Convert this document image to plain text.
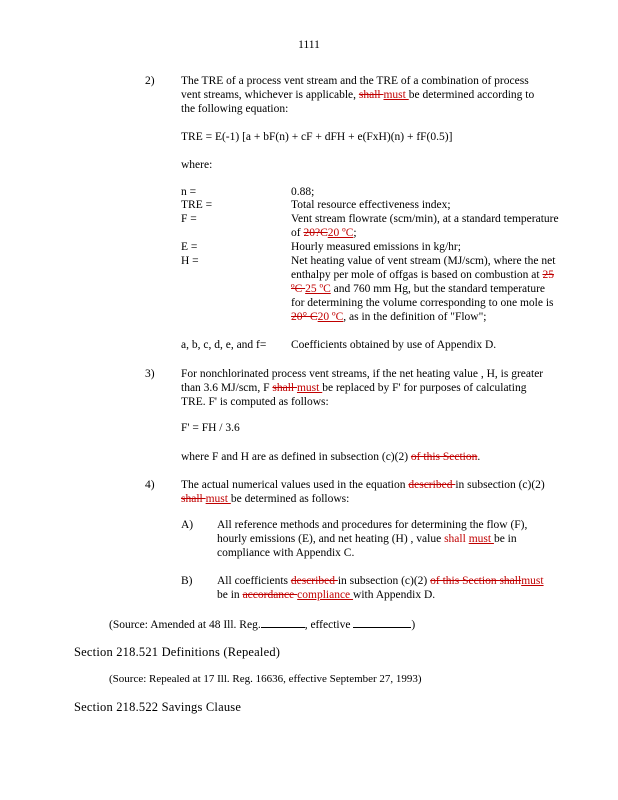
1111
2)	The TRE of a process vent stream and the TRE of a combination of process vent streams, whichever is applicable, shall must be determined according to the following equation:
TRE = E(-1) [a + bF(n) + cF + dFH + e(FxH)(n) + fF(0.5)]
where:
n =	0.88;
TRE =	Total resource effectiveness index;
F =	Vent stream flowrate (scm/min), at a standard temperature of 20?C20 ºC;
E =	Hourly measured emissions in kg/hr;
H =	Net heating value of vent stream (MJ/scm), where the net enthalpy per mole of offgas is based on combustion at 25 ºC 25 ºC and 760 mm Hg, but the standard temperature for determining the volume corresponding to one mole is 20° C20 ºC, as in the definition of "Flow";
a, b, c, d, e, and f= Coefficients obtained by use of Appendix D.
3)	For nonchlorinated process vent streams, if the net heating value , H, is greater than 3.6 MJ/scm, F shall must be replaced by F' for purposes of calculating TRE. F' is computed as follows:
F' = FH / 3.6
where F and H are as defined in subsection (c)(2) of this Section.
4)	The actual numerical values used in the equation described in subsection (c)(2) shall must be determined as follows:
A) All reference methods and procedures for determining the flow (F), hourly emissions (E), and net heating (H) , value shall must be in compliance with Appendix C.
B) All coefficients described in subsection (c)(2) of this Section shallmust be in accordance compliance with Appendix D.
(Source: Amended at 48 Ill. Reg.	, effective	)
Section 218.521 Definitions (Repealed)
(Source: Repealed at 17 Ill. Reg. 16636, effective September 27, 1993)
Section 218.522 Savings Clause
